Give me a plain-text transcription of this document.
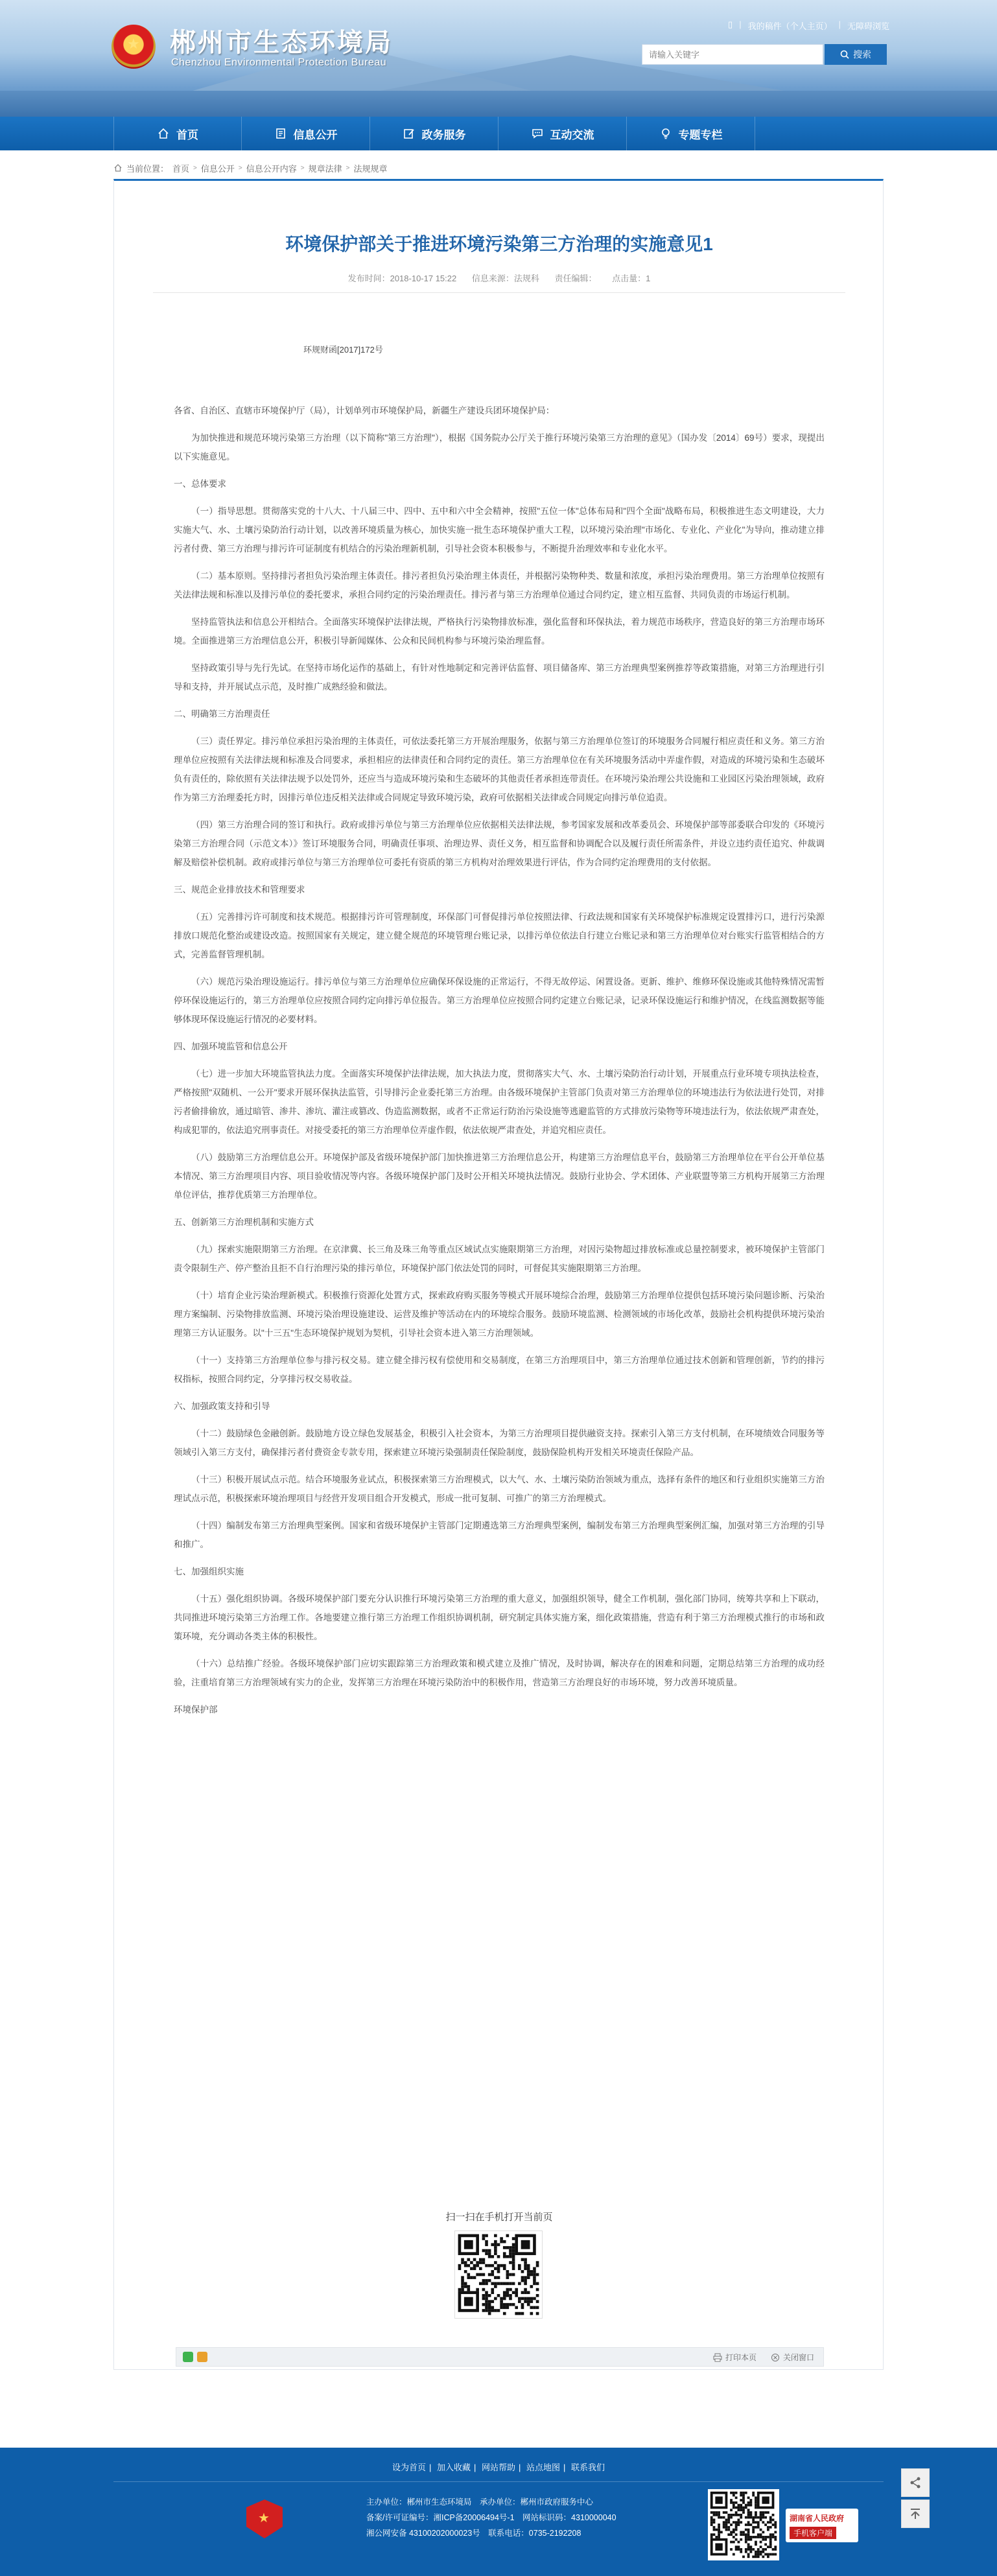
★ 郴州市生态环境局
Chenzhou Environmental Protection Bureau
▯ | 我的稿件（个人主页） | 无障碍浏览
请输入关键字
搜索
首页	信息公开	政务服务	互动交流	专题专栏
当前位置： 首页 > 信息公开 > 信息公开内容 > 规章法律 > 法规规章
环境保护部关于推进环境污染第三方治理的实施意见1
发布时间：2018-10-17 15:22 信息来源：法规科 责任编辑： 点击量：1
环规财函[2017]172号

各省、自治区、直辖市环境保护厅（局），计划单列市环境保护局，新疆生产建设兵团环境保护局：

为加快推进和规范环境污染第三方治理（以下简称"第三方治理"），根据《国务院办公厅关于推行环境污染第三方治理的意见》（国办发〔2014〕69号）要求，现提出以下实施意见。

一、总体要求

（一）指导思想。贯彻落实党的十八大、十八届三中、四中、五中和六中全会精神，按照"五位一体"总体布局和"四个全面"战略布局，积极推进生态文明建设，大力实施大气、水、土壤污染防治行动计划，以改善环境质量为核心，加快实施一批生态环境保护重大工程，以环境污染治理"市场化、专业化、产业化"为导向，推动建立排污者付费、第三方治理与排污许可证制度有机结合的污染治理新机制，引导社会资本积极参与，不断提升治理效率和专业化水平。

（二）基本原则。坚持排污者担负污染治理主体责任。排污者担负污染治理主体责任，并根据污染物种类、数量和浓度，承担污染治理费用。第三方治理单位按照有关法律法规和标准以及排污单位的委托要求，承担合同约定的污染治理责任。排污者与第三方治理单位通过合同约定，建立相互监督、共同负责的市场运行机制。

坚持监管执法和信息公开相结合。全面落实环境保护法律法规，严格执行污染物排放标准，强化监督和环保执法，着力规范市场秩序，营造良好的第三方治理市场环境。全面推进第三方治理信息公开，积极引导新闻媒体、公众和民间机构参与环境污染治理监督。

坚持政策引导与先行先试。在坚持市场化运作的基础上，有针对性地制定和完善评估监督、项目储备库、第三方治理典型案例推荐等政策措施，对第三方治理进行引导和支持，并开展试点示范，及时推广成熟经验和做法。

二、明确第三方治理责任

（三）责任界定。排污单位承担污染治理的主体责任，可依法委托第三方开展治理服务，依据与第三方治理单位签订的环境服务合同履行相应责任和义务。第三方治理单位应按照有关法律法规和标准及合同要求，承担相应的法律责任和合同约定的责任。第三方治理单位在有关环境服务活动中弄虚作假，对造成的环境污染和生态破坏负有责任的，除依照有关法律法规予以处罚外，还应当与造成环境污染和生态破坏的其他责任者承担连带责任。在环境污染治理公共设施和工业园区污染治理领域，政府作为第三方治理委托方时，因排污单位违反相关法律或合同规定导致环境污染，政府可依据相关法律或合同规定向排污单位追责。

（四）第三方治理合同的签订和执行。政府或排污单位与第三方治理单位应依据相关法律法规，参考国家发展和改革委员会、环境保护部等部委联合印发的《环境污染第三方治理合同（示范文本）》签订环境服务合同，明确责任事项、治理边界、责任义务，相互监督和协调配合以及履行责任所需条件，并设立违约责任追究、仲裁调解及赔偿补偿机制。政府或排污单位与第三方治理单位可委托有资质的第三方机构对治理效果进行评估，作为合同约定治理费用的支付依据。

三、规范企业排放技术和管理要求

（五）完善排污许可制度和技术规范。根据排污许可管理制度，环保部门可督促排污单位按照法律、行政法规和国家有关环境保护标准规定设置排污口，进行污染源排放口规范化整治或建设改造。按照国家有关规定，建立健全规范的环境管理台账记录，以排污单位依法自行建立台账记录和第三方治理单位对台账实行监管相结合的方式，完善监督管理机制。

（六）规范污染治理设施运行。排污单位与第三方治理单位应确保环保设施的正常运行，不得无故停运、闲置设备。更新、维护、维修环保设施或其他特殊情况需暂停环保设施运行的，第三方治理单位应按照合同约定向排污单位报告。第三方治理单位应按照合同约定建立台账记录，记录环保设施运行和维护情况，在线监测数据等能够体现环保设施运行情况的必要材料。

四、加强环境监管和信息公开

（七）进一步加大环境监管执法力度。全面落实环境保护法律法规，加大执法力度，贯彻落实大气、水、土壤污染防治行动计划，开展重点行业环境专项执法检查，严格按照"双随机、一公开"要求开展环保执法监管，引导排污企业委托第三方治理。由各级环境保护主管部门负责对第三方治理单位的环境违法行为依法进行处罚，对排污者偷排偷放，通过暗管、渗井、渗坑、灌注或篡改、伪造监测数据，或者不正常运行防治污染设施等逃避监管的方式排放污染物等环境违法行为，依法依规严肃查处，构成犯罪的，依法追究刑事责任。对接受委托的第三方治理单位弄虚作假，依法依规严肃查处，并追究相应责任。

（八）鼓励第三方治理信息公开。环境保护部及省级环境保护部门加快推进第三方治理信息公开，构建第三方治理信息平台，鼓励第三方治理单位在平台公开单位基本情况、第三方治理项目内容、项目验收情况等内容。各级环境保护部门及时公开相关环境执法情况。鼓励行业协会、学术团体、产业联盟等第三方机构开展第三方治理单位评估，推荐优质第三方治理单位。

五、创新第三方治理机制和实施方式

（九）探索实施限期第三方治理。在京津冀、长三角及珠三角等重点区域试点实施限期第三方治理，对因污染物超过排放标准或总量控制要求，被环境保护主管部门责令限制生产、停产整治且拒不自行治理污染的排污单位，环境保护部门依法处罚的同时，可督促其实施限期第三方治理。

（十）培育企业污染治理新模式。积极推行资源化处置方式，探索政府购买服务等模式开展环境综合治理，鼓励第三方治理单位提供包括环境污染问题诊断、污染治理方案编制、污染物排放监测、环境污染治理设施建设、运营及维护等活动在内的环境综合服务。鼓励环境监测、检测领域的市场化改革，鼓励社会机构提供环境污染治理第三方认证服务。以"十三五"生态环境保护规划为契机，引导社会资本进入第三方治理领域。

（十一）支持第三方治理单位参与排污权交易。建立健全排污权有偿使用和交易制度，在第三方治理项目中，第三方治理单位通过技术创新和管理创新，节约的排污权指标，按照合同约定，分享排污权交易收益。

六、加强政策支持和引导

（十二）鼓励绿色金融创新。鼓励地方设立绿色发展基金，积极引入社会资本，为第三方治理项目提供融资支持。探索引入第三方支付机制，在环境绩效合同服务等领域引入第三方支付，确保排污者付费资金专款专用，探索建立环境污染强制责任保险制度，鼓励保险机构开发相关环境责任保险产品。

（十三）积极开展试点示范。结合环境服务业试点，积极探索第三方治理模式，以大气、水、土壤污染防治领域为重点，选择有条件的地区和行业组织实施第三方治理试点示范，积极探索环境治理项目与经营开发项目组合开发模式，形成一批可复制、可推广的第三方治理模式。

（十四）编制发布第三方治理典型案例。国家和省级环境保护主管部门定期遴选第三方治理典型案例，编制发布第三方治理典型案例汇编，加强对第三方治理的引导和推广。

七、加强组织实施

（十五）强化组织协调。各级环境保护部门要充分认识推行环境污染第三方治理的重大意义，加强组织领导，健全工作机制，强化部门协同，统筹共享和上下联动，共同推进环境污染第三方治理工作。各地要建立推行第三方治理工作组织协调机制，研究制定具体实施方案，细化政策措施，营造有利于第三方治理模式推行的市场和政策环境，充分调动各类主体的积极性。

（十六）总结推广经验。各级环境保护部门应切实跟踪第三方治理政策和模式建立及推广情况，及时协调，解决存在的困难和问题，定期总结第三方治理的成功经验，注重培育第三方治理领域有实力的企业，发挥第三方治理在环境污染防治中的积极作用，营造第三方治理良好的市场环境，努力改善环境质量。

环境保护部

扫一扫在手机打开当前页
打印本页	关闭窗口
设为首页 | 加入收藏 | 网站帮助 | 站点地图 | 联系我们
★
主办单位：郴州市生态环境局　承办单位：郴州市政府服务中心
备案/许可证编号：湘ICP备20006494号-1　网站标识码：4310000040
湘公网安备 43100202000023号　联系电话：0735-2192208
湖南省人民政府
手机客户端
